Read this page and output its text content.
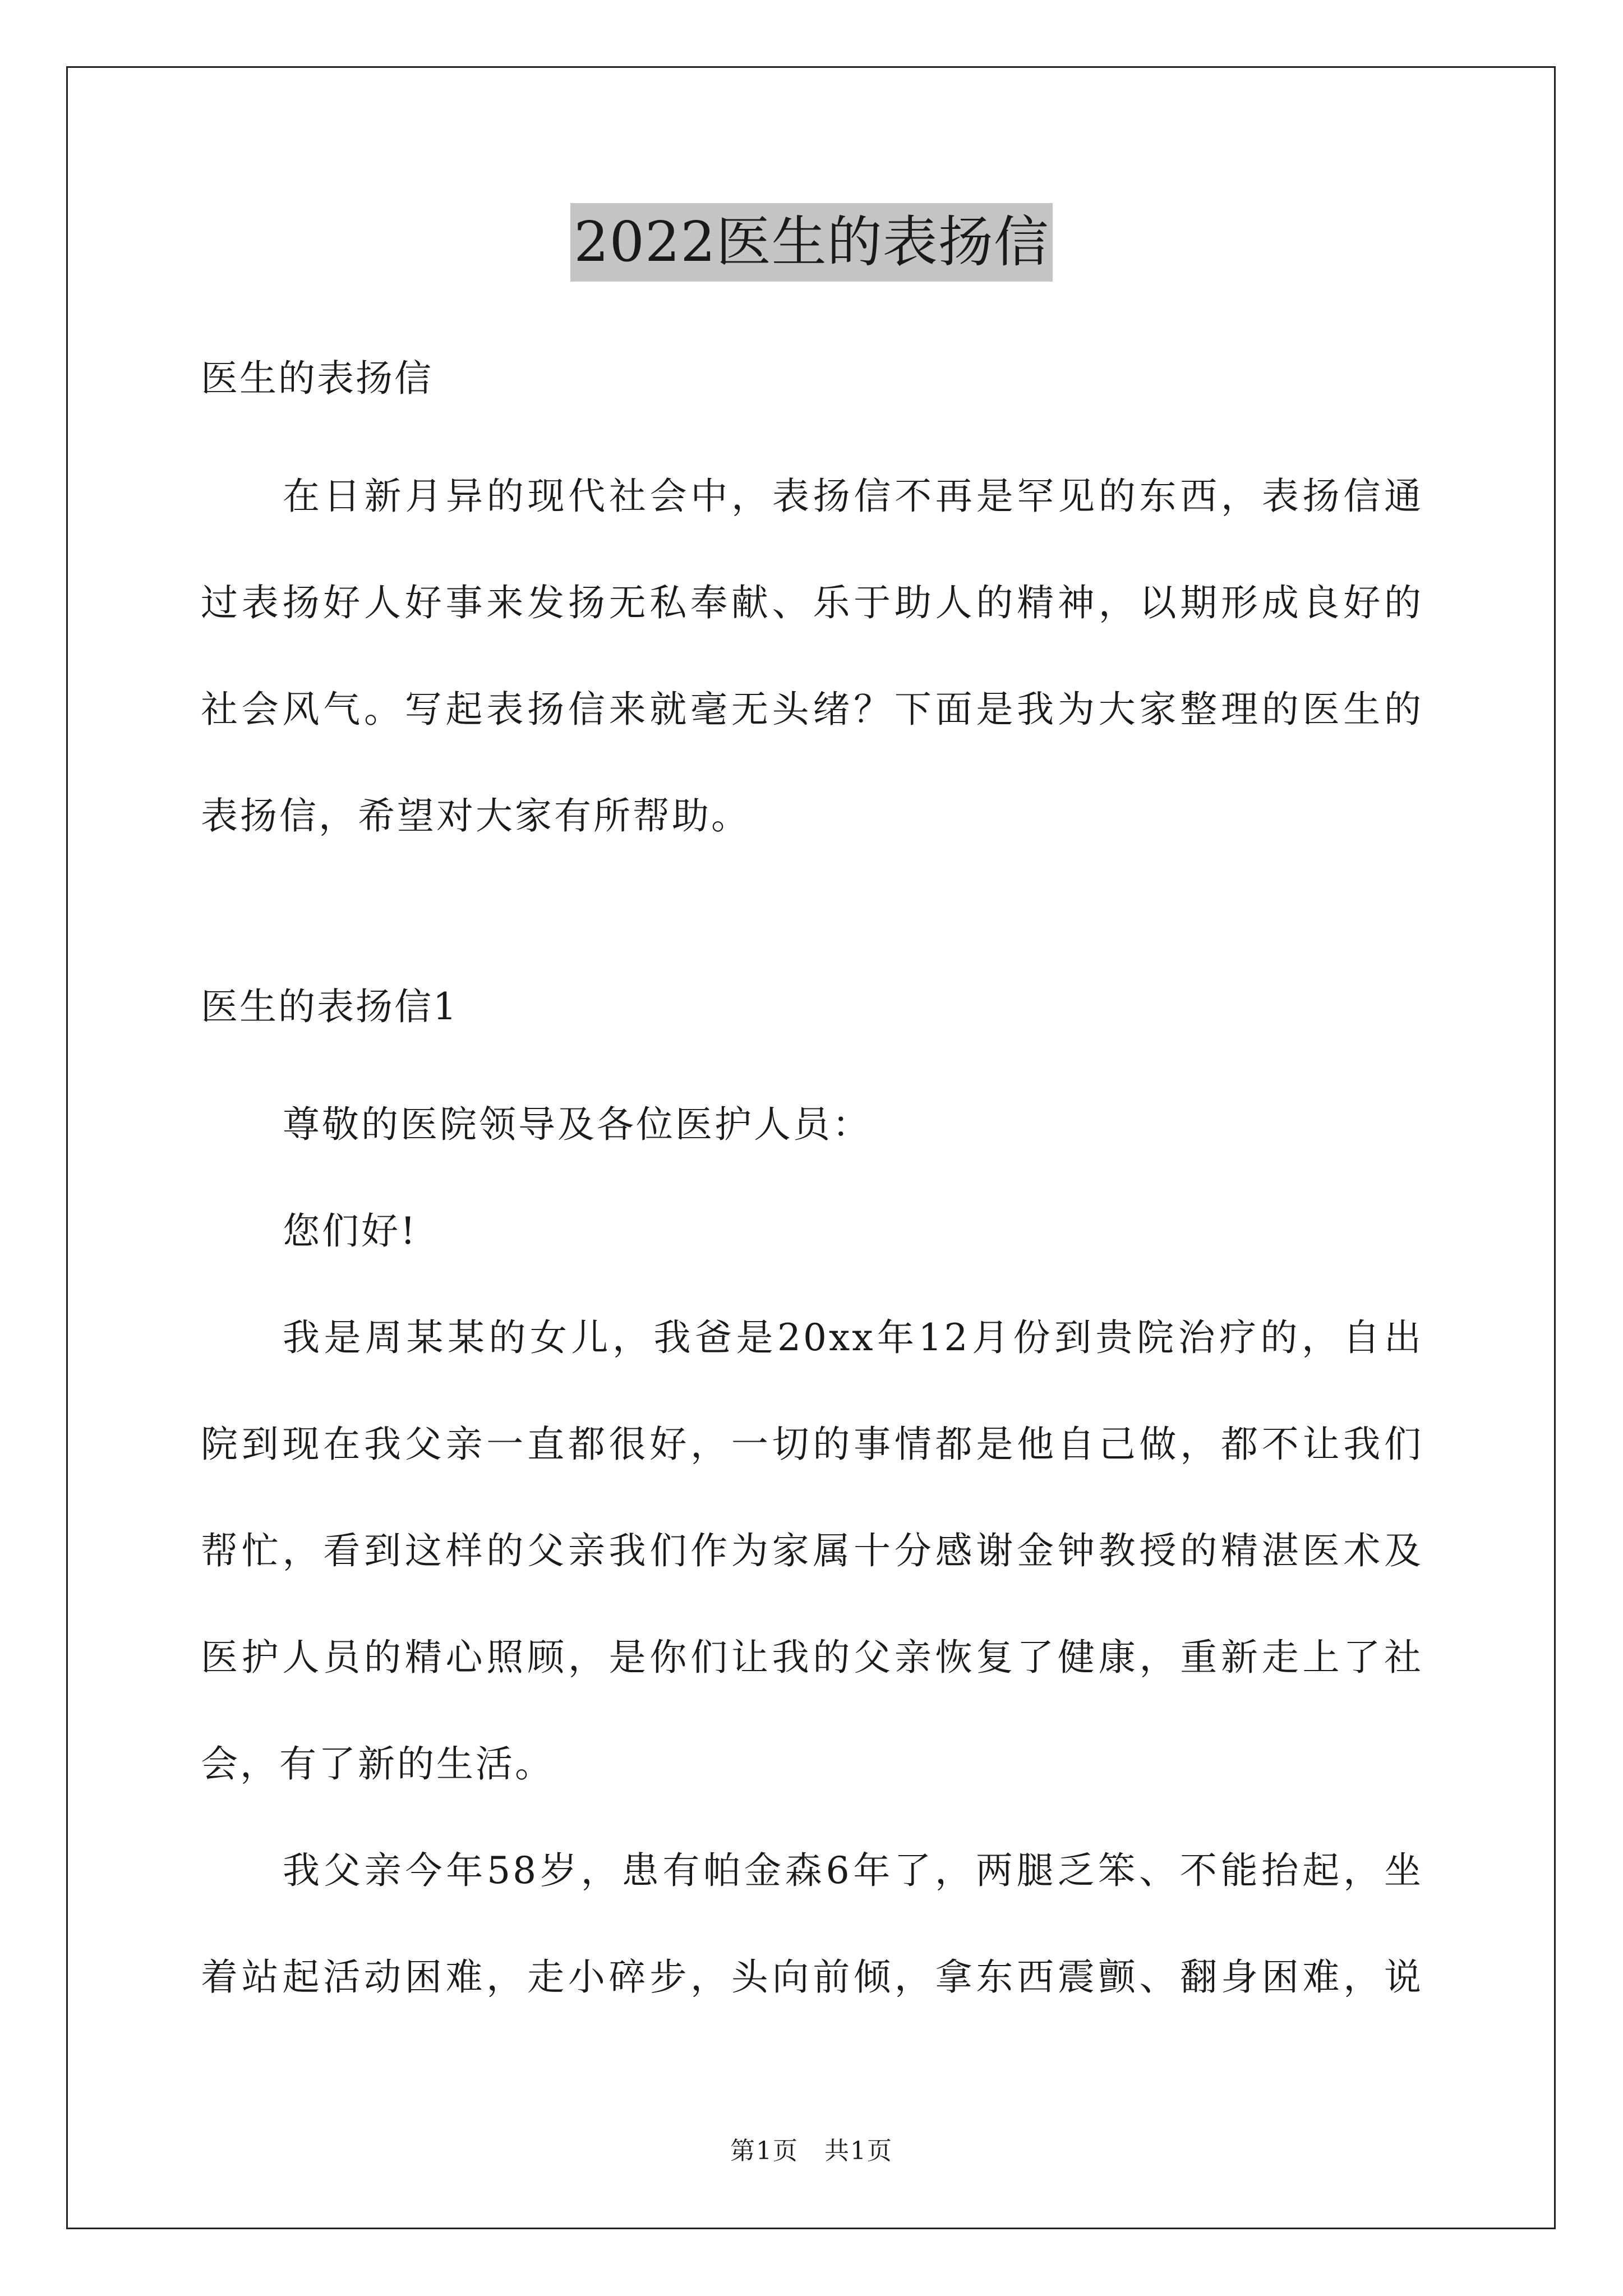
2022医生的表扬信

医生的表扬信

在日新月异的现代社会中，表扬信不再是罕见的东西，表扬信通
过表扬好人好事来发扬无私奉献、乐于助人的精神，以期形成良好的
社会风气。写起表扬信来就毫无头绪？下面是我为大家整理的医生的
表扬信，希望对大家有所帮助。

医生的表扬信1

尊敬的医院领导及各位医护人员：

您们好!

我是周某某的女儿，我爸是20xx年12月份到贵院治疗的，自出
院到现在我父亲一直都很好，一切的事情都是他自己做，都不让我们
帮忙，看到这样的父亲我们作为家属十分感谢金钟教授的精湛医术及
医护人员的精心照顾，是你们让我的父亲恢复了健康，重新走上了社
会，有了新的生活。
我父亲今年58岁，患有帕金森6年了，两腿乏笨、不能抬起，坐
着站起活动困难，走小碎步，头向前倾，拿东西震颤、翻身困难，说
第1页　共1页
